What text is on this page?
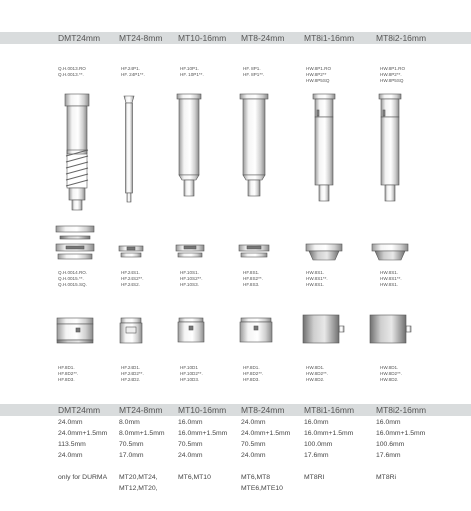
DMT24mm MT24-8mm MT10-16mm MT8-24mm MT8i1-16mm	MT8i2-16mm
Q.H.0013.RO
Q.H.0013.**.
HF.24P1.
HF. 24P1**.
HF.10P1.
HF. 10P1**.
HF. 8P1.
HF. 8P1**.
HW.8P1.RO
HW.8P2**
HW.8P5SQ
HW.8P1.RO
HW.8P2**.
HW.8P5SQ
Q.H.0014.RO.
Q.H.0015.**.
Q.H.0015.SQ.
HF.24S1.
HF.24S2**.
HF.24S2.
HF.10S1.
HF.10S2**.
HF.10S3.
HF.8S1.
HF.8S2**.
HF.8S3.
HW.8S1.
HW.8S1**.
HW.8S1.
HW.8S1.
HW.8S1**.
HW.8S1.
HF.8D1.
HF.8D2**.
HF.8D3.
HF.24D1.
HF.24D2**.
HF.24D2.
HF.10D1
HF.10D2**.
HF.10D3.
HF.8D1.
HF.8D2**.
HF.8D3.
HW.8D1.
HW.8D2**.
HW.8D2.
HW.8D1.
HW.8D2**.
HW.8D2.
DMT24mm MT24-8mm MT10-16mm MT8-24mm MT8i1-16mm	MT8i2-16mm
24.0mm
24.0mm+1.5mm
113.5mm
24.0mm
only for DURMA
8.0mm
8.0mm+1.5mm
70.5mm
17.0mm
MT20,MT24,
MT12,MT20,
16.0mm
16.0mm+1.5mm
70.5mm
24.0mm
MT6,MT10
24.0mm
24.0mm+1.5mm
70.5mm
24.0mm
MT6,MT8
MTE6,MTE10
16.0mm
16.0mm+1.5mm
100.0mm
17.6mm
MT8RI
16.0mm
16.0mm+1.5mm
100.6mm
17.6mm
MT8Ri
